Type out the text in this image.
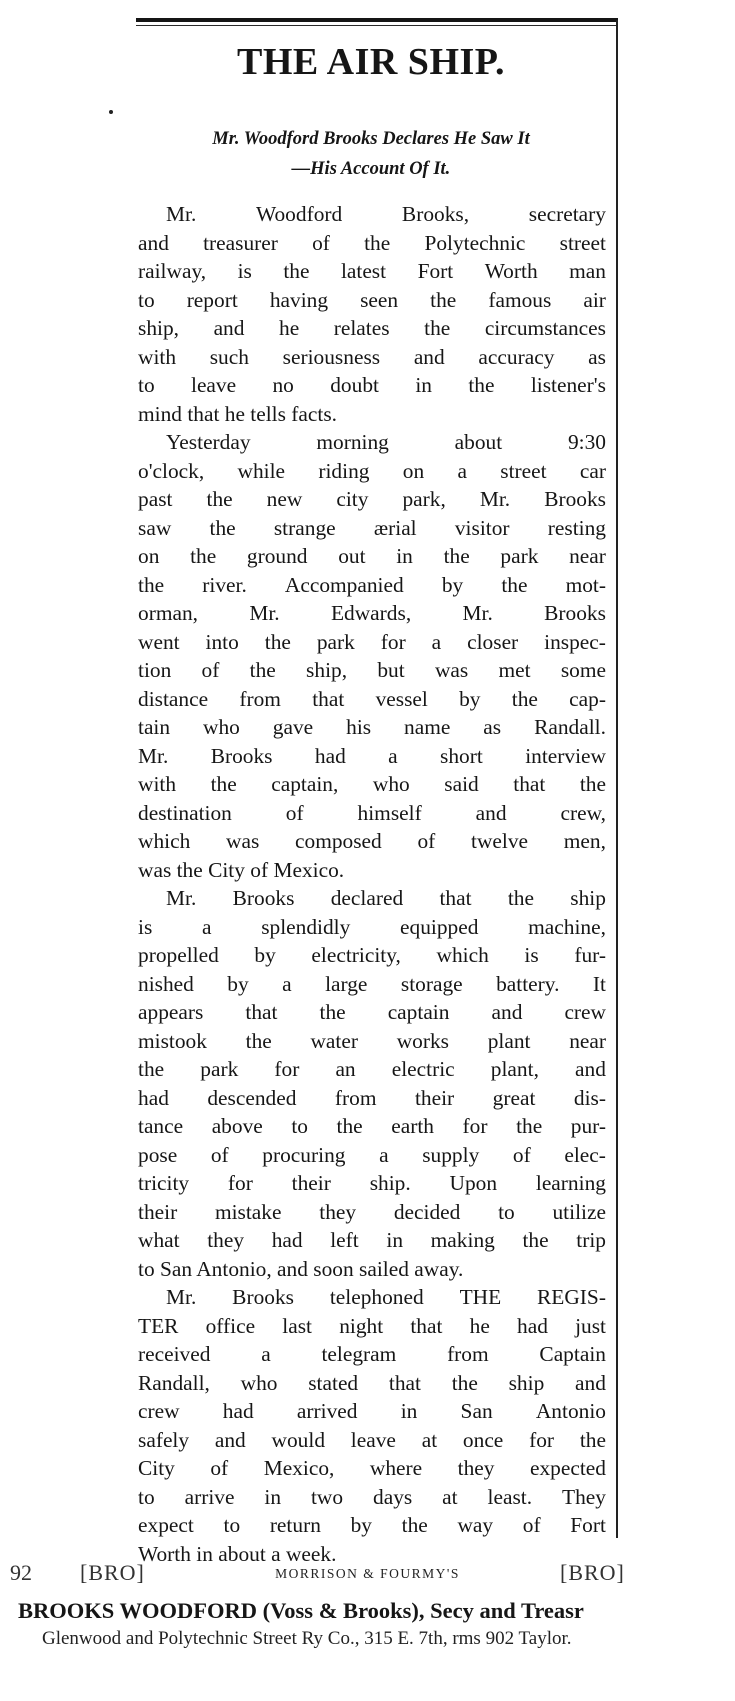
THE AIR SHIP.
Mr. Woodford Brooks Declares He Saw It
—His Account Of It.
Mr.	Woodford	Brooks,	secretary
and treasurer of the Polytechnic street
railway, is the latest Fort Worth man
to report having seen the famous air
ship, and he relates the circumstances
with such seriousness and accuracy as
to leave no doubt in the listener's
mind that he tells facts.
Yesterday	morning	about	9:30
o'clock, while riding on a street car
past the new city park, Mr. Brooks
saw the strange ærial visitor resting
on the ground out in the park near
the river. Accompanied by the mot-
orman, Mr. Edwards, Mr. Brooks
went into the park for a closer inspec-
tion of the ship, but was met some
distance from that vessel by the cap-
tain who gave his name as Randall.
Mr. Brooks had a short interview
with the captain, who said that the
destination	of	himself	and	crew,
which was composed of twelve men,
was the City of Mexico.
Mr. Brooks declared that the ship
is a splendidly equipped machine,
propelled by electricity, which is fur-
nished by a large storage battery. It
appears that the captain and crew
mistook the water works plant near
the park for an electric plant, and
had descended from their great dis-
tance above to the earth for the pur-
pose of procuring a supply of elec-
tricity for their ship. Upon learning
their mistake they decided to utilize
what they had left in making the trip
to San Antonio, and soon sailed away.
Mr. Brooks telephoned THE REGIS-
TER office last night that he had just
received a telegram from Captain
Randall, who stated that the ship and
crew had arrived in San Antonio
safely and would leave at once for the
City of Mexico, where they expected
to arrive in two days at least. They
expect to return by the way of Fort
Worth in about a week.
92 [BRO]	MORRISON & FOURMY'S	[BRO]
BROOKS WOODFORD (Voss & Brooks), Secy and Treasr
Glenwood and Polytechnic Street Ry Co., 315 E. 7th, rms 902 Taylor.
